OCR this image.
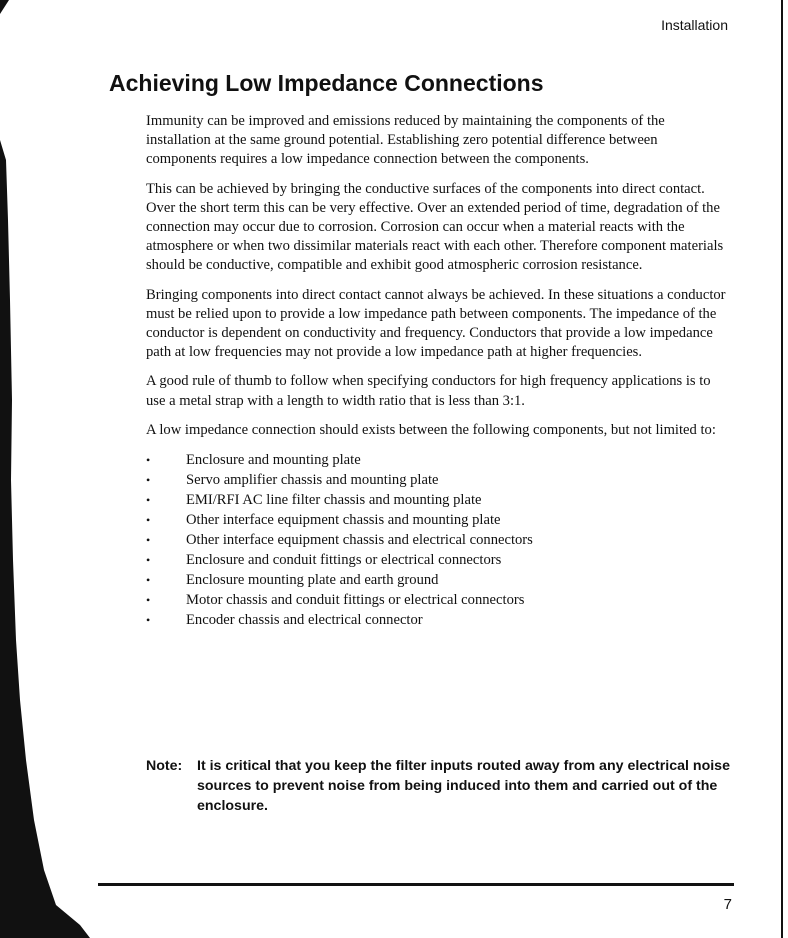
Installation
Achieving Low Impedance Connections

Immunity can be improved and emissions reduced by maintaining the components of the installation at the same ground potential. Establishing zero potential difference between components requires a low impedance connection between the components.

This can be achieved by bringing the conductive surfaces of the components into direct contact. Over the short term this can be very effective. Over an extended period of time, degradation of the connection may occur due to corrosion. Corrosion can occur when a material reacts with the atmosphere or when two dissimilar materials react with each other. Therefore component materials should be conductive, compatible and exhibit good atmospheric corrosion resistance.

Bringing components into direct contact cannot always be achieved. In these situations a conductor must be relied upon to provide a low impedance path between components. The impedance of the conductor is dependent on conductivity and frequency. Conductors that provide a low impedance path at low frequencies may not provide a low impedance path at higher frequencies.

A good rule of thumb to follow when specifying conductors for high frequency applications is to use a metal strap with a length to width ratio that is less than 3:1.

A low impedance connection should exists between the following components, but not limited to:

• Enclosure and mounting plate
• Servo amplifier chassis and mounting plate
• EMI/RFI AC line filter chassis and mounting plate
• Other interface equipment chassis and mounting plate
• Other interface equipment chassis and electrical connectors
• Enclosure and conduit fittings or electrical connectors
• Enclosure mounting plate and earth ground
• Motor chassis and conduit fittings or electrical connectors
• Encoder chassis and electrical connector
Note: It is critical that you keep the filter inputs routed away from any electrical noise sources to prevent noise from being induced into them and carried out of the enclosure.
7
